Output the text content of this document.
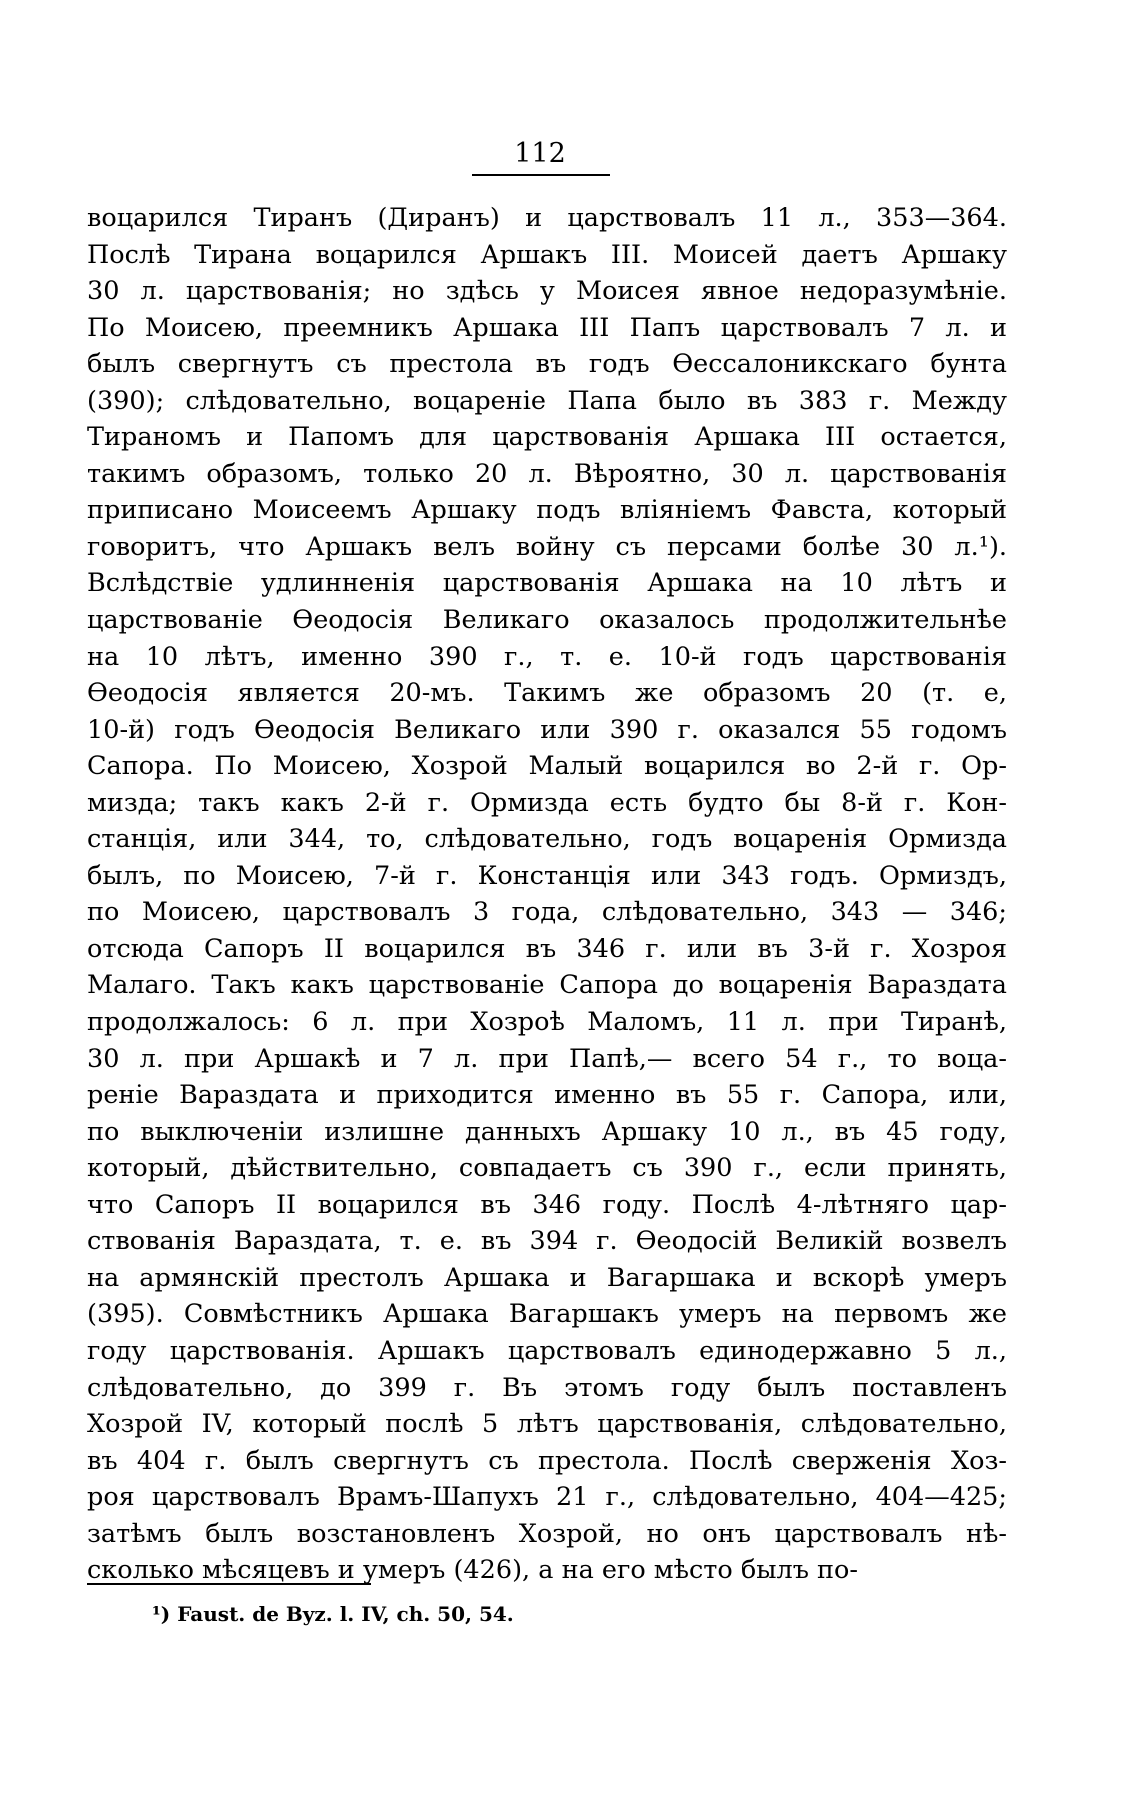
112
воцарился Тиранъ (Диранъ) и царствовалъ 11 л., 353—364.
Послѣ Тирана воцарился Аршакъ III. Моисей даетъ Аршаку
30 л. царствованія; но здѣсь у Моисея явное недоразумѣніе.
По Моисею, преемникъ Аршака III Папъ царствовалъ 7 л. и
былъ свергнутъ съ престола въ годъ Ѳессалоникскаго бунта
(390); слѣдовательно, воцареніе Папа было въ 383 г. Между
Тираномъ и Папомъ для царствованія Аршака III остается,
такимъ образомъ, только 20 л. Вѣроятно, 30 л. царствованія
приписано Моисеемъ Аршаку подъ вліяніемъ Фавста, который
говоритъ, что Аршакъ велъ войну съ персами болѣе 30 л.¹).
Вслѣдствіе удлинненія царствованія Аршака на 10 лѣтъ и
царствованіе Ѳеодосія Великаго оказалось продолжительнѣе
на 10 лѣтъ, именно 390 г., т. е. 10-й годъ царствованія
Ѳеодосія является 20-мъ. Такимъ же образомъ 20 (т. е,
10-й) годъ Ѳеодосія Великаго или 390 г. оказался 55 годомъ
Сапора. По Моисею, Хозрой Малый воцарился во 2-й г. Ор-
мизда; такъ какъ 2-й г. Ормизда есть будто бы 8-й г. Кон-
станція, или 344, то, слѣдовательно, годъ воцаренія Ормизда
былъ, по Моисею, 7-й г. Констанція или 343 годъ. Ормиздъ,
по Моисею, царствовалъ 3 года, слѣдовательно, 343 — 346;
отсюда Сапоръ II воцарился въ 346 г. или въ 3-й г. Хозроя
Малаго. Такъ какъ царствованіе Сапора до воцаренія Вараздата
продолжалось: 6 л. при Хозроѣ Маломъ, 11 л. при Тиранѣ,
30 л. при Аршакѣ и 7 л. при Папѣ,— всего 54 г., то воца-
реніе Вараздата и приходится именно въ 55 г. Сапора, или,
по выключеніи излишне данныхъ Аршаку 10 л., въ 45 году,
который, дѣйствительно, совпадаетъ съ 390 г., если принять,
что Сапоръ II воцарился въ 346 году. Послѣ 4-лѣтняго цар-
ствованія Вараздата, т. е. въ 394 г. Ѳеодосій Великій возвелъ
на армянскій престолъ Аршака и Вагаршака и вскорѣ умеръ
(395). Совмѣстникъ Аршака Вагаршакъ умеръ на первомъ же
году царствованія. Аршакъ царствовалъ единодержавно 5 л.,
слѣдовательно, до 399 г. Въ этомъ году былъ поставленъ
Хозрой IV, который послѣ 5 лѣтъ царствованія, слѣдовательно,
въ 404 г. былъ свергнутъ съ престола. Послѣ сверженія Хоз-
роя царствовалъ Врамъ-Шапухъ 21 г., слѣдовательно, 404—425;
затѣмъ былъ возстановленъ Хозрой, но онъ царствовалъ нѣ-
сколько мѣсяцевъ и умеръ (426), а на его мѣсто былъ по-
¹) Faust. de Byz. l. IV, ch. 50, 54.
